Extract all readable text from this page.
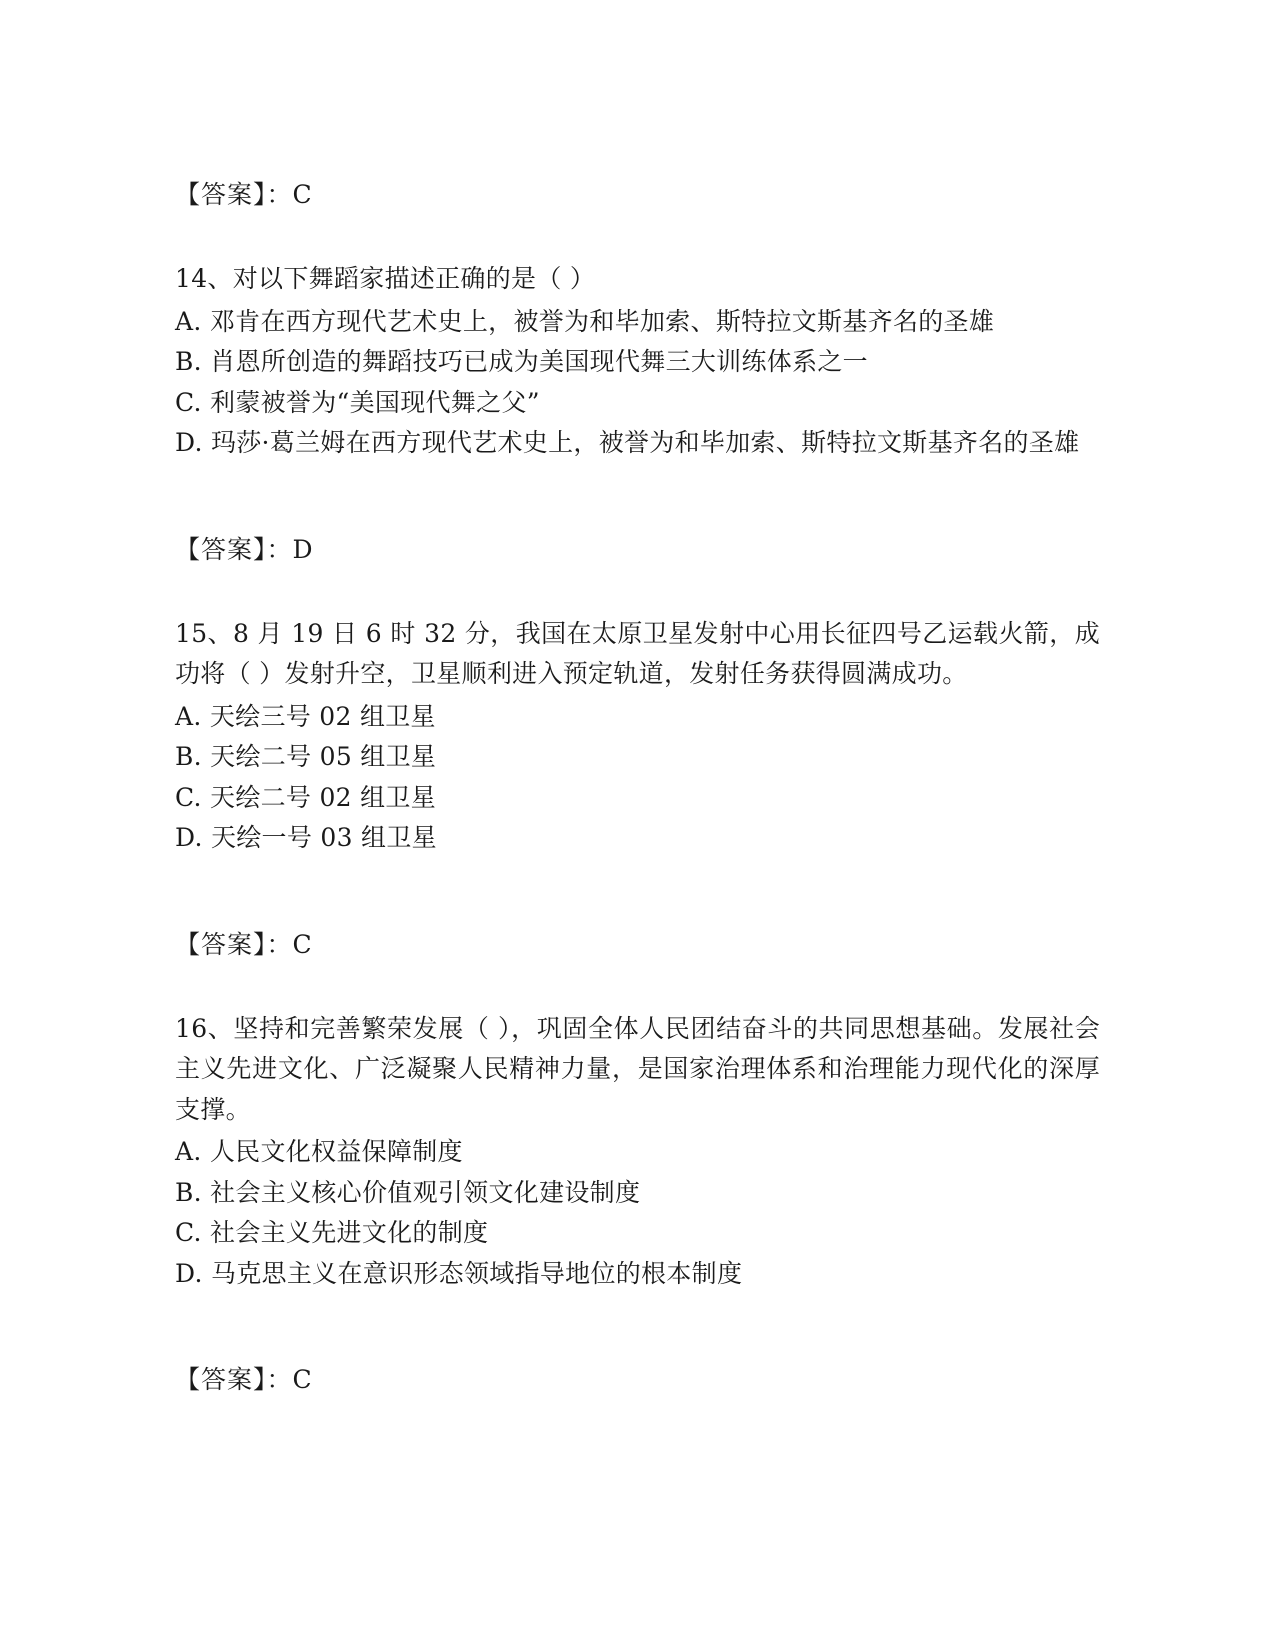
【答案】：C

14、对以下舞蹈家描述正确的是（ ）

A. 邓肯在西方现代艺术史上，被誉为和毕加索、斯特拉文斯基齐名的圣雄

B. 肖恩所创造的舞蹈技巧已成为美国现代舞三大训练体系之一

C. 利蒙被誉为“美国现代舞之父”

D. 玛莎·葛兰姆在西方现代艺术史上，被誉为和毕加索、斯特拉文斯基齐名的圣雄

【答案】：D

15、8 月 19 日 6 时 32 分，我国在太原卫星发射中心用长征四号乙运载火箭，成功将（ ）发射升空，卫星顺利进入预定轨道，发射任务获得圆满成功。

A. 天绘三号 02 组卫星

B. 天绘二号 05 组卫星

C. 天绘二号 02 组卫星

D. 天绘一号 03 组卫星

【答案】：C

16、坚持和完善繁荣发展（ ），巩固全体人民团结奋斗的共同思想基础。发展社会主义先进文化、广泛凝聚人民精神力量，是国家治理体系和治理能力现代化的深厚支撑。

A. 人民文化权益保障制度

B. 社会主义核心价值观引领文化建设制度

C. 社会主义先进文化的制度

D. 马克思主义在意识形态领域指导地位的根本制度

【答案】：C
